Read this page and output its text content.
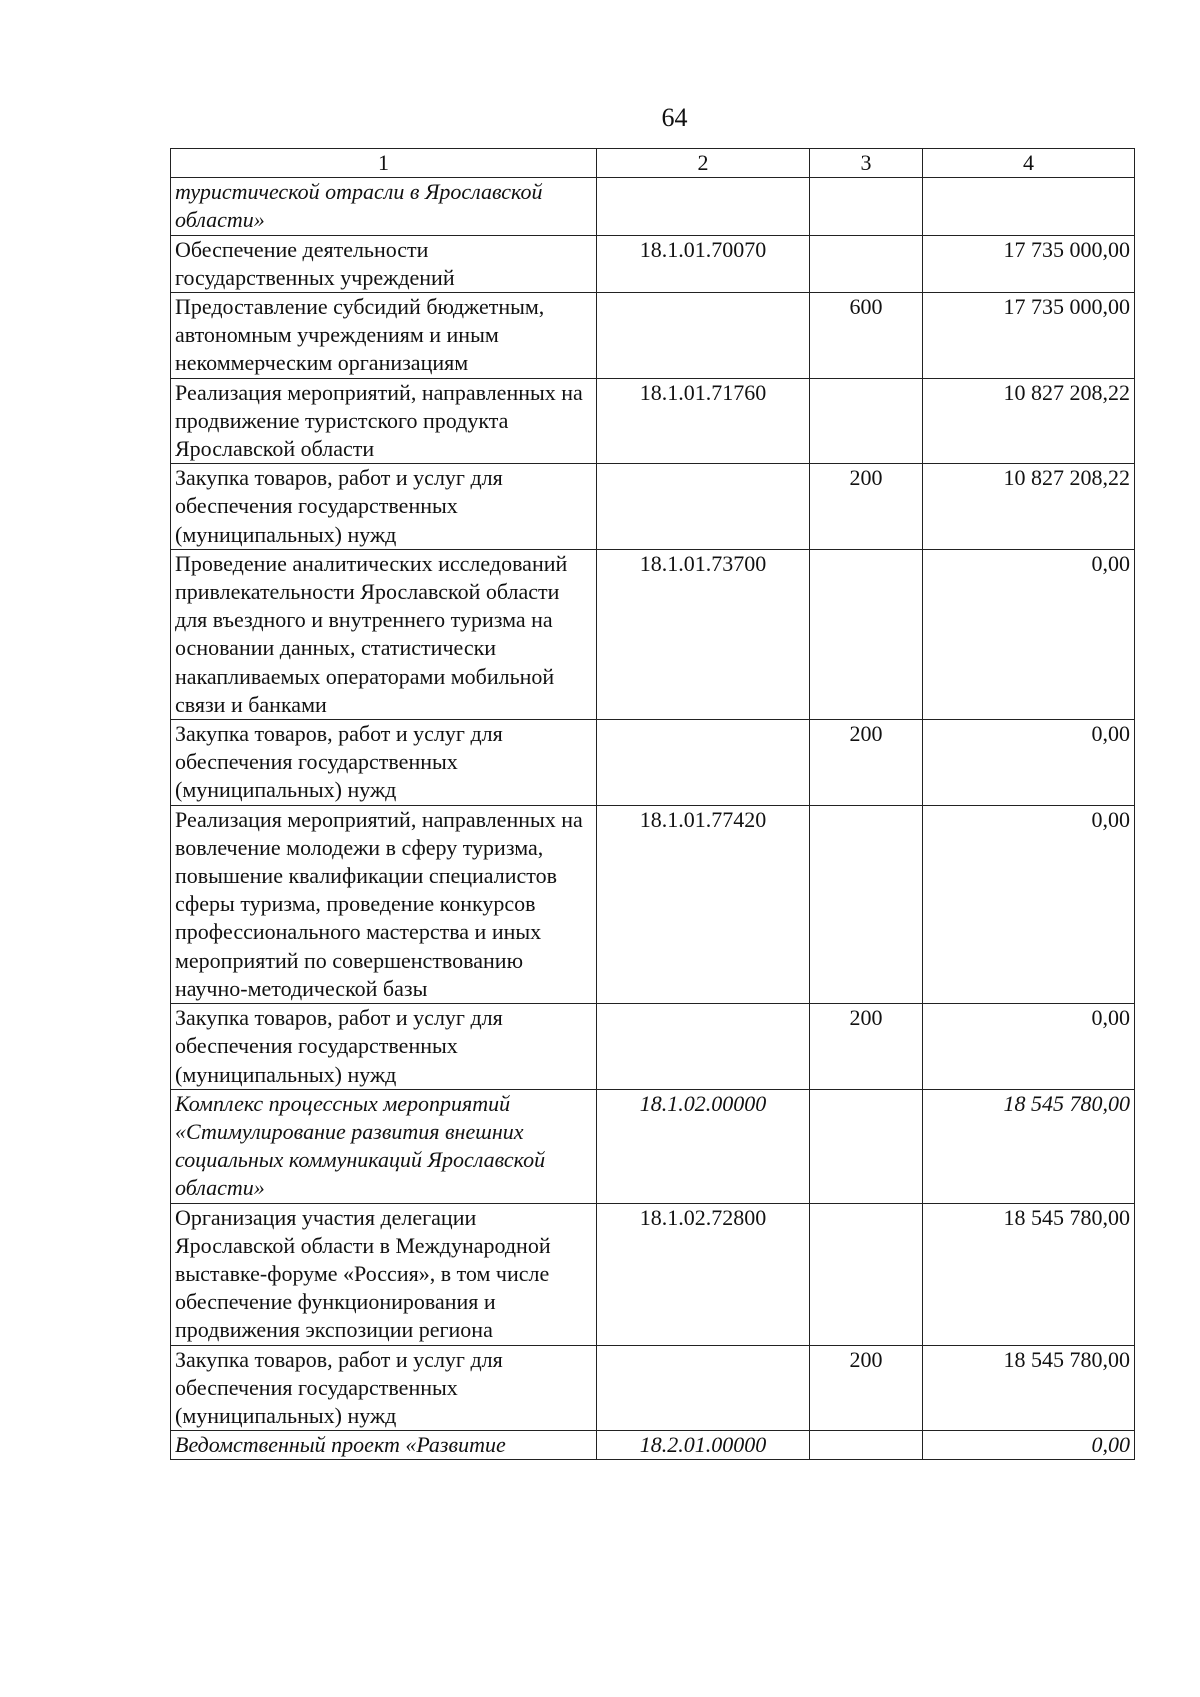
64
1	2	3	4
туристической отрасли в Ярославской области»			
Обеспечение деятельности государственных учреждений	18.1.01.70070		17 735 000,00
Предоставление субсидий бюджетным, автономным учреждениям и иным некоммерческим организациям		600	17 735 000,00
Реализация мероприятий, направленных на продвижение туристского продукта Ярославской области	18.1.01.71760		10 827 208,22
Закупка товаров, работ и услуг для обеспечения государственных (муниципальных) нужд		200	10 827 208,22
Проведение аналитических исследований привлекательности Ярославской области для въездного и внутреннего туризма на основании данных, статистически накапливаемых операторами мобильной связи и банками	18.1.01.73700		0,00
Закупка товаров, работ и услуг для обеспечения государственных (муниципальных) нужд		200	0,00
Реализация мероприятий, направленных на вовлечение молодежи в сферу туризма, повышение квалификации специалистов сферы туризма, проведение конкурсов профессионального мастерства и иных мероприятий по совершенствованию научно-методической базы	18.1.01.77420		0,00
Закупка товаров, работ и услуг для обеспечения государственных (муниципальных) нужд		200	0,00
Комплекс процессных мероприятий «Стимулирование развития внешних социальных коммуникаций Ярославской области»	18.1.02.00000		18 545 780,00
Организация участия делегации Ярославской области в Международной выставке-форуме «Россия», в том числе обеспечение функционирования и продвижения экспозиции региона	18.1.02.72800		18 545 780,00
Закупка товаров, работ и услуг для обеспечения государственных (муниципальных) нужд		200	18 545 780,00
Ведомственный проект «Развитие	18.2.01.00000		0,00
